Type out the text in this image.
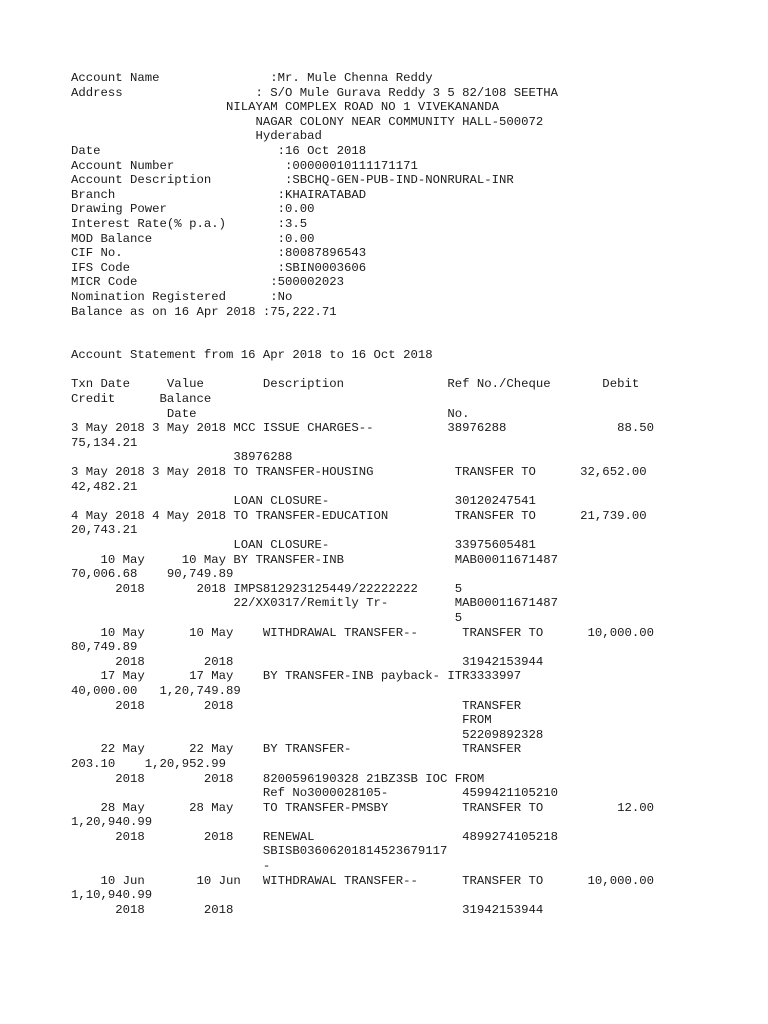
Account Name               :Mr. Mule Chenna Reddy
Address                  : S/O Mule Gurava Reddy 3 5 82/108 SEETHA
NILAYAM COMPLEX ROAD NO 1 VIVEKANANDA
NAGAR COLONY NEAR COMMUNITY HALL-500072
Hyderabad
Date                        :16 Oct 2018
Account Number               :00000010111171171
Account Description          :SBCHQ-GEN-PUB-IND-NONRURAL-INR
Branch                      :KHAIRATABAD
Drawing Power               :0.00
Interest Rate(% p.a.)       :3.5
MOD Balance                 :0.00
CIF No.                     :80087896543
IFS Code                    :SBIN0003606
MICR Code                  :500002023
Nomination Registered      :No
Balance as on 16 Apr 2018 :75,222.71
Account Statement from 16 Apr 2018 to 16 Oct 2018
Txn Date     Value        Description              Ref No./Cheque       Debit
Credit      Balance
Date                                  No.
3 May 2018 3 May 2018 MCC ISSUE CHARGES--          38976288               88.50
75,134.21
38976288
3 May 2018 3 May 2018 TO TRANSFER-HOUSING           TRANSFER TO      32,652.00
42,482.21
LOAN CLOSURE-                 30120247541
4 May 2018 4 May 2018 TO TRANSFER-EDUCATION         TRANSFER TO      21,739.00
20,743.21
LOAN CLOSURE-                 33975605481
10 May     10 May BY TRANSFER-INB               MAB00011671487
70,006.68    90,749.89
2018       2018 IMPS812923125449/22222222     5
22/XX0317/Remitly Tr-         MAB00011671487
5
10 May      10 May    WITHDRAWAL TRANSFER--      TRANSFER TO      10,000.00
80,749.89
2018        2018                               31942153944
17 May      17 May    BY TRANSFER-INB payback- ITR3333997
40,000.00   1,20,749.89
2018        2018                               TRANSFER
FROM
52209892328
22 May      22 May    BY TRANSFER-               TRANSFER
203.10    1,20,952.99
2018        2018    8200596190328 21BZ3SB IOC FROM
Ref No3000028105-          4599421105210
28 May      28 May    TO TRANSFER-PMSBY          TRANSFER TO          12.00
1,20,940.99
2018        2018    RENEWAL                    4899274105218
SBISB03606201814523679117
-
10 Jun       10 Jun   WITHDRAWAL TRANSFER--      TRANSFER TO      10,000.00
1,10,940.99
2018        2018                               31942153944
